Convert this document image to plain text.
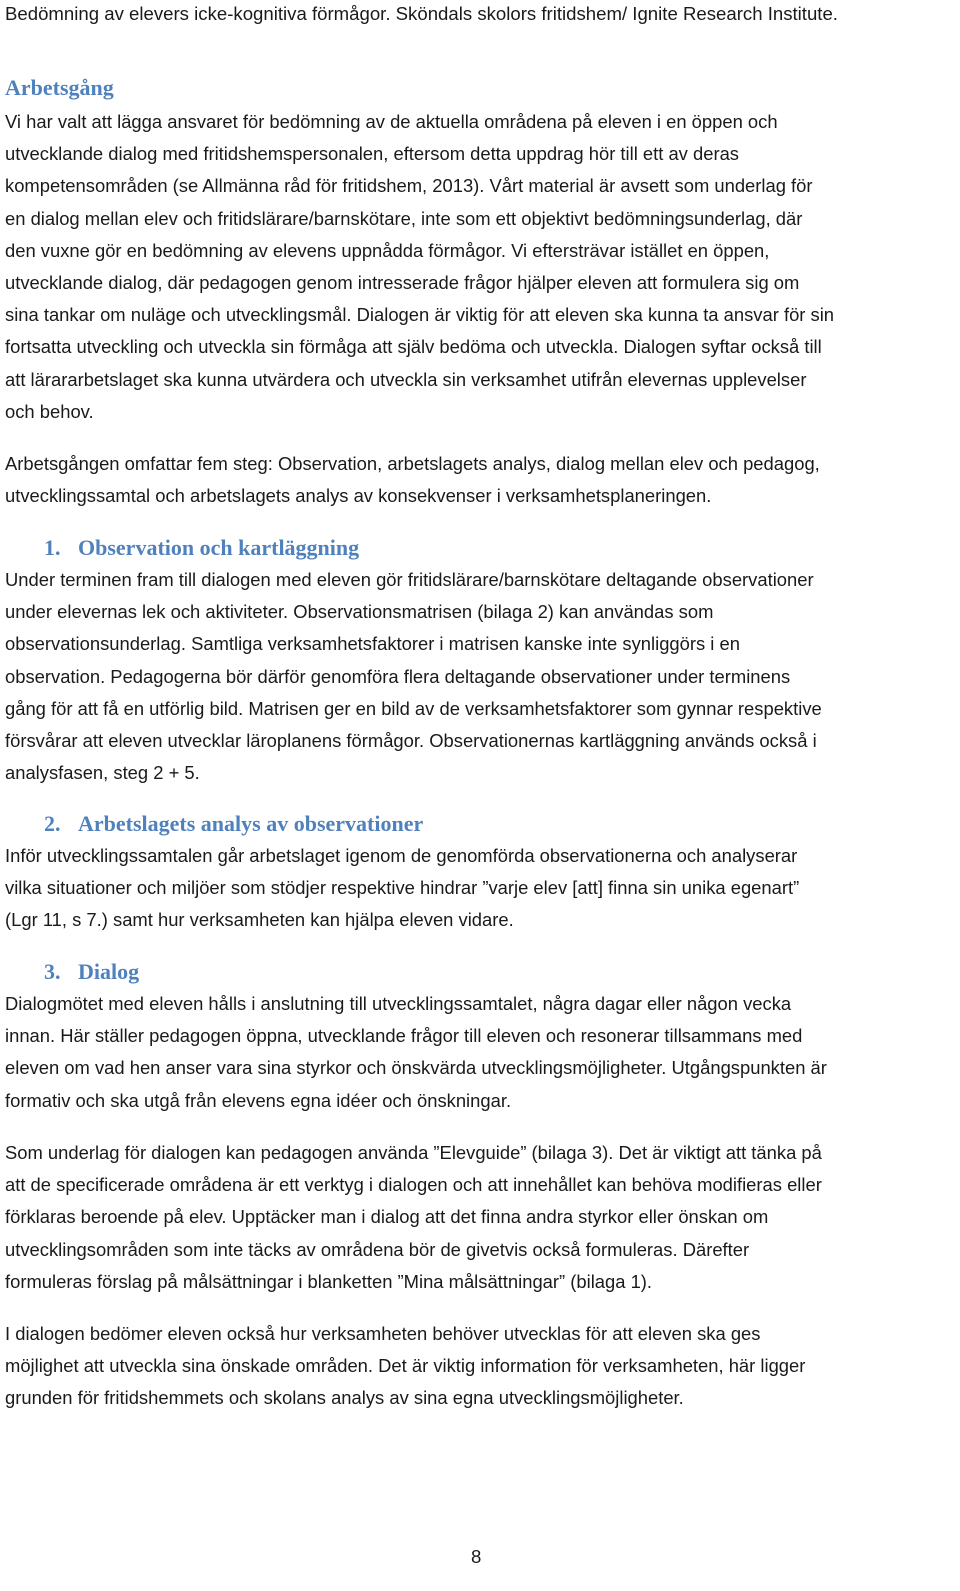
Bedömning av elevers icke-kognitiva förmågor. Sköndals skolors fritidshem/ Ignite Research Institute.
Arbetsgång

Vi har valt att lägga ansvaret för bedömning av de aktuella områdena på eleven i en öppen och
utvecklande dialog med fritidshemspersonalen, eftersom detta uppdrag hör till ett av deras
kompetensområden (se Allmänna råd för fritidshem, 2013). Vårt material är avsett som underlag för
en dialog mellan elev och fritidslärare/barnskötare, inte som ett objektivt bedömningsunderlag, där
den vuxne gör en bedömning av elevens uppnådda förmågor. Vi eftersträvar istället en öppen,
utvecklande dialog, där pedagogen genom intresserade frågor hjälper eleven att formulera sig om
sina tankar om nuläge och utvecklingsmål. Dialogen är viktig för att eleven ska kunna ta ansvar för sin
fortsatta utveckling och utveckla sin förmåga att själv bedöma och utveckla. Dialogen syftar också till
att lärararbetslaget ska kunna utvärdera och utveckla sin verksamhet utifrån elevernas upplevelser
och behov.

Arbetsgången omfattar fem steg: Observation, arbetslagets analys, dialog mellan elev och pedagog,
utvecklingssamtal och arbetslagets analys av konsekvenser i verksamhetsplaneringen.

1. Observation och kartläggning

Under terminen fram till dialogen med eleven gör fritidslärare/barnskötare deltagande observationer
under elevernas lek och aktiviteter. Observationsmatrisen (bilaga 2) kan användas som
observationsunderlag. Samtliga verksamhetsfaktorer i matrisen kanske inte synliggörs i en
observation. Pedagogerna bör därför genomföra flera deltagande observationer under terminens
gång för att få en utförlig bild. Matrisen ger en bild av de verksamhetsfaktorer som gynnar respektive
försvårar att eleven utvecklar läroplanens förmågor. Observationernas kartläggning används också i
analysfasen, steg 2 + 5.

2. Arbetslagets analys av observationer

Inför utvecklingssamtalen går arbetslaget igenom de genomförda observationerna och analyserar
vilka situationer och miljöer som stödjer respektive hindrar ”varje elev [att] finna sin unika egenart”
(Lgr 11, s 7.) samt hur verksamheten kan hjälpa eleven vidare.

3. Dialog

Dialogmötet med eleven hålls i anslutning till utvecklingssamtalet, några dagar eller någon vecka
innan. Här ställer pedagogen öppna, utvecklande frågor till eleven och resonerar tillsammans med
eleven om vad hen anser vara sina styrkor och önskvärda utvecklingsmöjligheter. Utgångspunkten är
formativ och ska utgå från elevens egna idéer och önskningar.

Som underlag för dialogen kan pedagogen använda ”Elevguide” (bilaga 3). Det är viktigt att tänka på
att de specificerade områdena är ett verktyg i dialogen och att innehållet kan behöva modifieras eller
förklaras beroende på elev. Upptäcker man i dialog att det finna andra styrkor eller önskan om
utvecklingsområden som inte täcks av områdena bör de givetvis också formuleras. Därefter
formuleras förslag på målsättningar i blanketten ”Mina målsättningar” (bilaga 1).

I dialogen bedömer eleven också hur verksamheten behöver utvecklas för att eleven ska ges
möjlighet att utveckla sina önskade områden. Det är viktig information för verksamheten, här ligger
grunden för fritidshemmets och skolans analys av sina egna utvecklingsmöjligheter.

8
